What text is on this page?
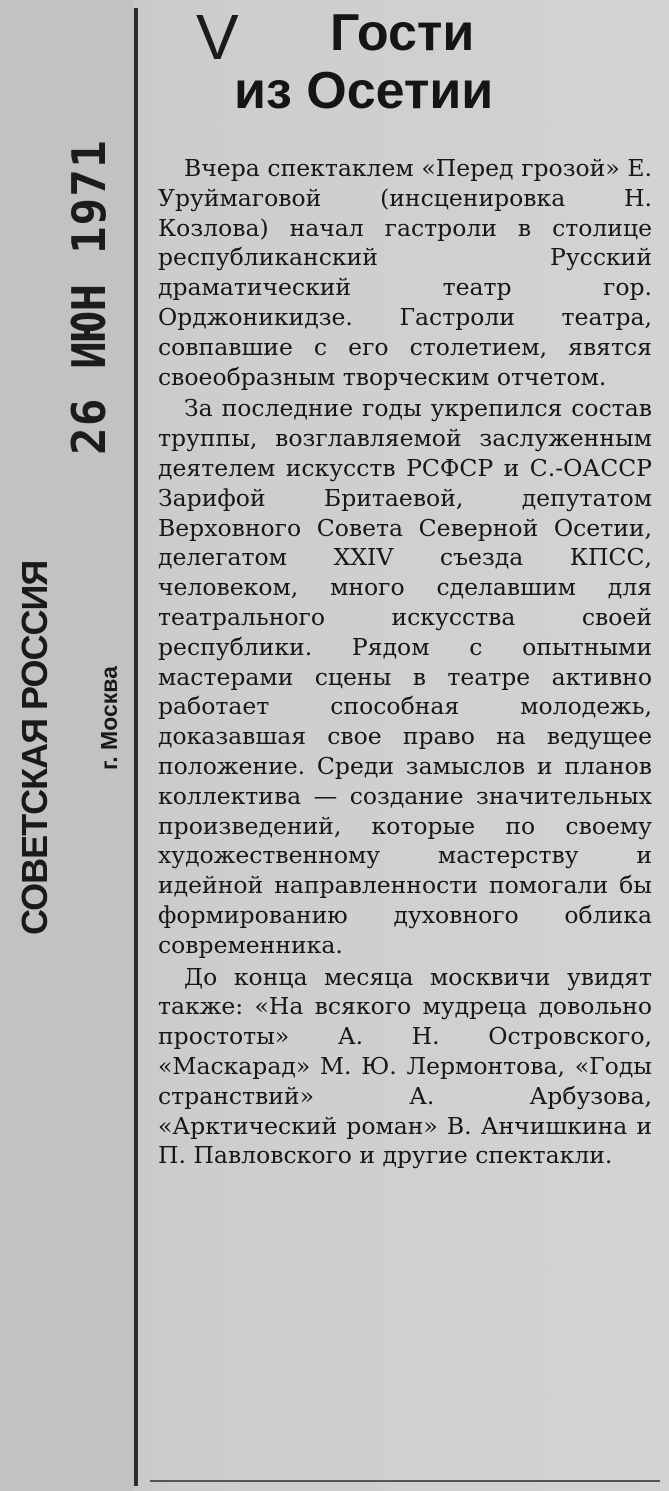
СОВЕТСКАЯ РОССИЯ г. Москва
26 ИЮН 1971
V	Гости
из Осетии

Вчера спектаклем «Перед грозой» Е. Уруймаговой (инсценировка Н. Козлова) начал гастроли в столице республиканский Русский драматический театр гор. Орджоникидзе. Гастроли театра, совпавшие с его столетием, явятся своеобразным творческим отчетом.

За последние годы укрепился состав труппы, возглавляемой заслуженным деятелем искусств РСФСР и С.-ОАССР Зарифой Бритаевой, депутатом Верховного Совета Северной Осетии, делегатом XXIV съезда КПСС, человеком, много сделавшим для театрального искусства своей республики. Рядом с опытными мастерами сцены в театре активно работает способная молодежь, доказавшая свое право на ведущее положение. Среди замыслов и планов коллектива — создание значительных произведений, которые по своему художественному мастерству и идейной направленности помогали бы формированию духовного облика современника.

До конца месяца москвичи увидят также: «На всякого мудреца довольно простоты» А. Н. Островского, «Маскарад» М. Ю. Лермонтова, «Годы странствий» А. Арбузова, «Арктический роман» В. Анчишкина и П. Павловского и другие спектакли.
